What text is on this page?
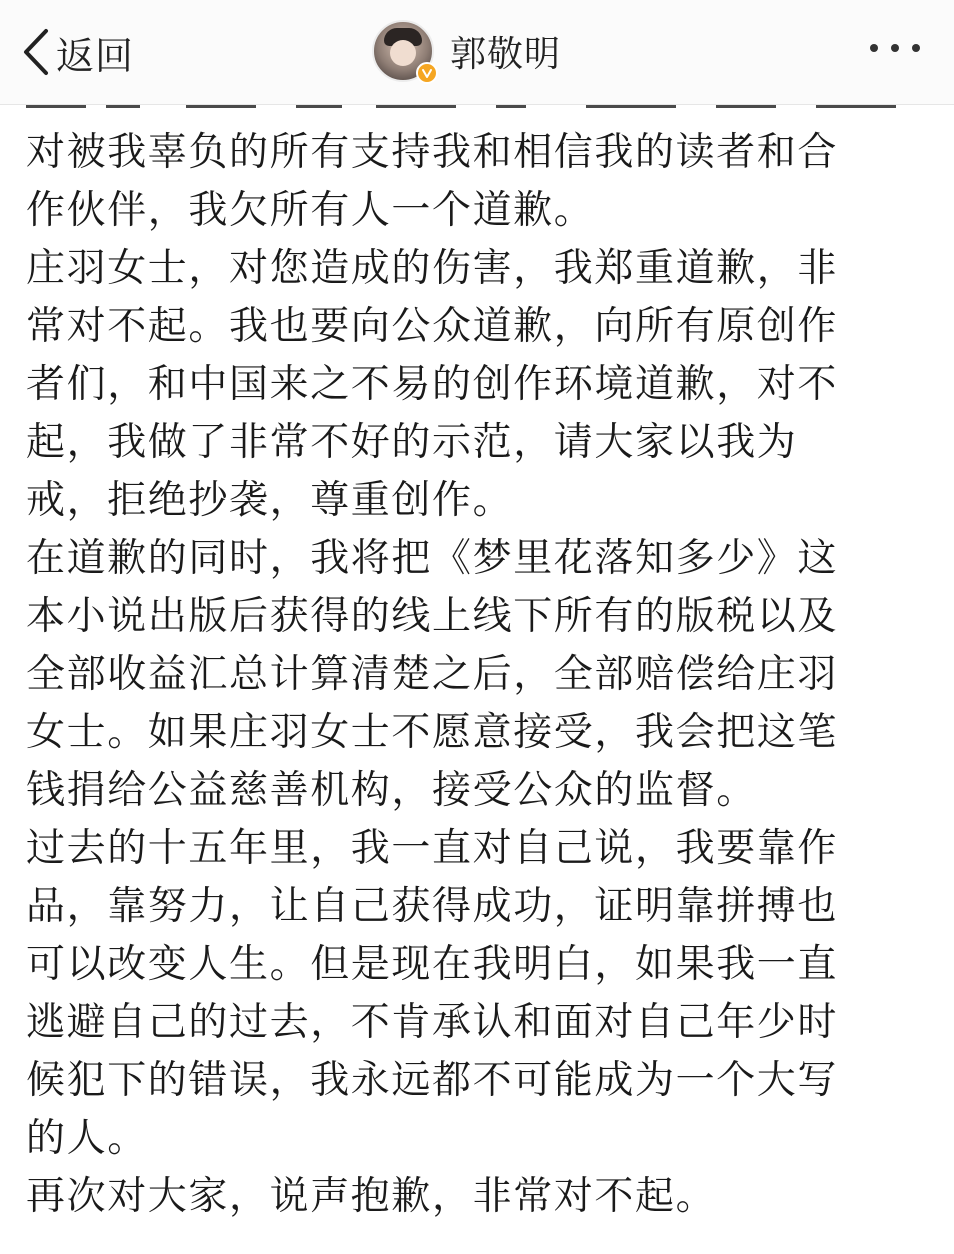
返回	郭敬明
对被我辜负的所有支持我和相信我的读者和合
作伙伴，我欠所有人一个道歉。
庄羽女士，对您造成的伤害，我郑重道歉，非
常对不起。我也要向公众道歉，向所有原创作
者们，和中国来之不易的创作环境道歉，对不
起，我做了非常不好的示范，请大家以我为
戒，拒绝抄袭，尊重创作。
在道歉的同时，我将把《梦里花落知多少》这
本小说出版后获得的线上线下所有的版税以及
全部收益汇总计算清楚之后，全部赔偿给庄羽
女士。如果庄羽女士不愿意接受，我会把这笔
钱捐给公益慈善机构，接受公众的监督。
过去的十五年里，我一直对自己说，我要靠作
品，靠努力，让自己获得成功，证明靠拼搏也
可以改变人生。但是现在我明白，如果我一直
逃避自己的过去，不肯承认和面对自己年少时
候犯下的错误，我永远都不可能成为一个大写
的人。
再次对大家，说声抱歉，非常对不起。
